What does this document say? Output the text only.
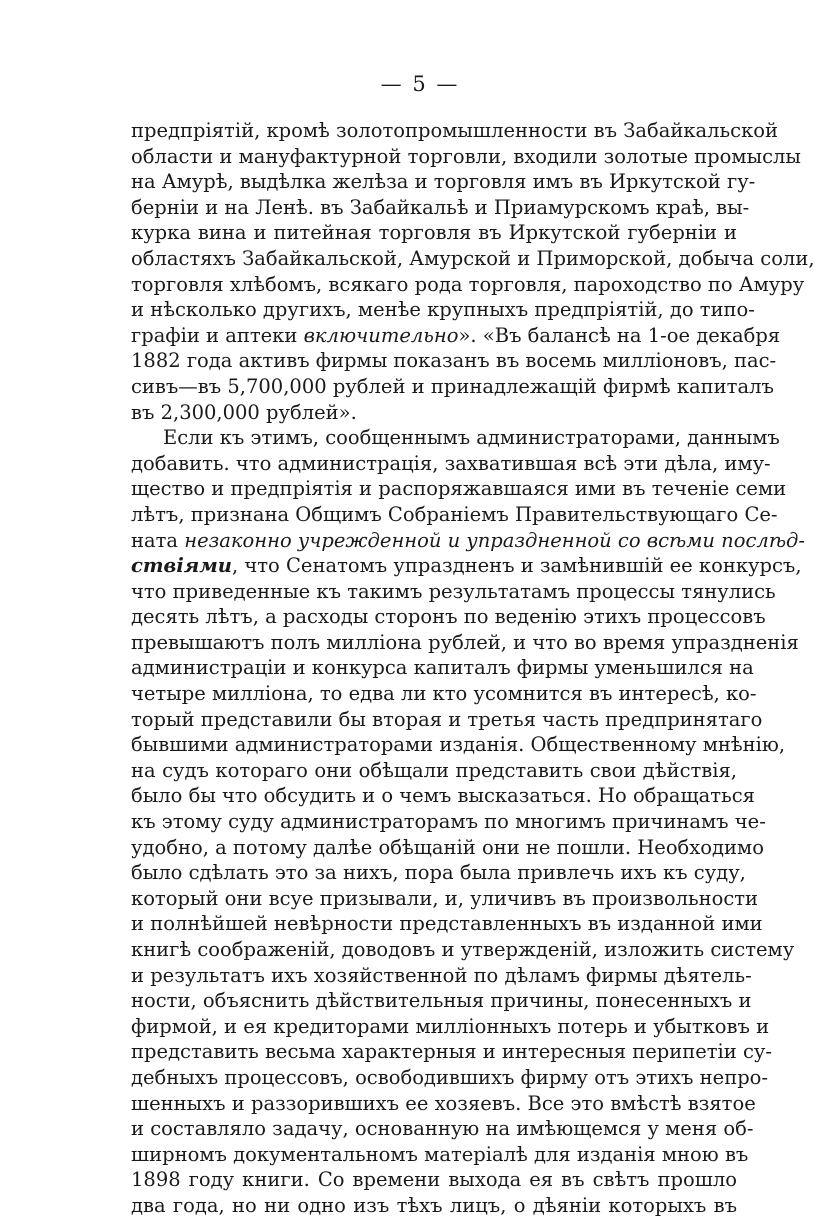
— 5 —
предпріятій, кромѣ золотопромышленности въ Забайкальской
области и мануфактурной торговли, входили золотые промыслы
на Амурѣ, выдѣлка желѣза и торговля имъ въ Иркутской гу-
берніи и на Ленѣ. въ Забайкальѣ и Приамурскомъ краѣ, вы-
курка вина и питейная торговля въ Иркутской губерніи и
областяхъ Забайкальской, Амурской и Приморской, добыча соли,
торговля хлѣбомъ, всякаго рода торговля, пароходство по Амуру
и нѣсколько другихъ, менѣе крупныхъ предпріятій, до типо-
графіи и аптеки включительно». «Въ балансѣ на 1-ое декабря
1882 года активъ фирмы показанъ въ восемь милліоновъ, пас-
сивъ—въ 5,700,000 рублей и принадлежащій фирмѣ капиталъ
въ 2,300,000 рублей».
Если къ этимъ, сообщеннымъ администраторами, даннымъ
добавить. что администрація, захватившая всѣ эти дѣла, иму-
щество и предпріятія и распоряжавшаяся ими въ теченіе семи
лѣтъ, признана Общимъ Собраніемъ Правительствующаго Се-
ната незаконно учрежденной и упраздненной со всѣми послѣд-
ствіями, что Сенатомъ упраздненъ и замѣнившій ее конкурсъ,
что приведенные къ такимъ результатамъ процессы тянулись
десять лѣтъ, а расходы сторонъ по веденію этихъ процессовъ
превышаютъ полъ милліона рублей, и что во время упраздненія
администраціи и конкурса капиталъ фирмы уменьшился на
четыре милліона, то едва ли кто усомнится въ интересѣ, ко-
торый представили бы вторая и третья часть предпринятаго
бывшими администраторами изданія. Общественному мнѣнію,
на судъ котораго они обѣщали представить свои дѣйствія,
было бы что обсудить и о чемъ высказаться. Но обращаться
къ этому суду администраторамъ по многимъ причинамъ че-
удобно, а потому далѣе обѣщаній они не пошли. Необходимо
было сдѣлать это за нихъ, пора была привлечь ихъ къ суду,
который они всуе призывали, и, уличивъ въ произвольности
и полнѣйшей невѣрности представленныхъ въ изданной ими
книгѣ соображеній, доводовъ и утвержденій, изложить систему
и результатъ ихъ хозяйственной по дѣламъ фирмы дѣятель-
ности, объяснить дѣйствительныя причины, понесенныхъ и
фирмой, и ея кредиторами милліонныхъ потерь и убытковъ и
представить весьма характерныя и интересныя перипетіи су-
дебныхъ процессовъ, освободившихъ фирму отъ этихъ непро-
шенныхъ и раззорившихъ ее хозяевъ. Все это вмѣстѣ взятое
и составляло задачу, основанную на имѣющемся у меня об-
ширномъ документальномъ матеріалѣ для изданія мною въ
1898 году книги. Со времени выхода ея въ свѣтъ прошло
два года, но ни одно изъ тѣхъ лицъ, о дѣяніи которыхъ въ
